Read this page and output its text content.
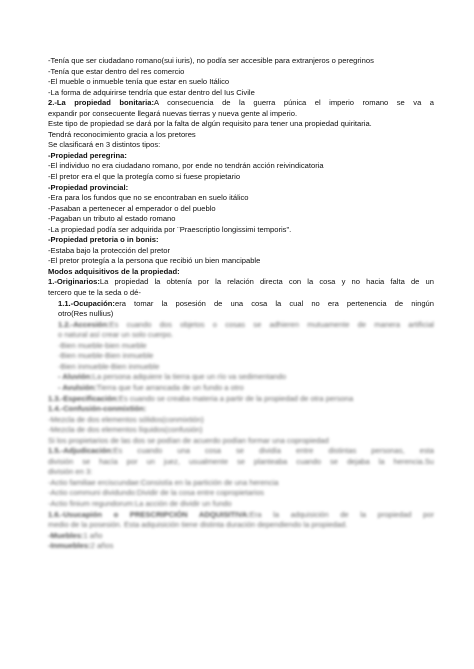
-Tenía que ser ciudadano romano(sui iuris), no podía ser accesible para extranjeros o peregrinos
-Tenía que estar dentro del res comercio
-El mueble o inmueble tenía que estar en suelo Itálico
-La forma de adquirirse tendría que estar dentro del Ius Civile
2.-La propiedad bonitaria:A consecuencia de la guerra púnica el imperio romano se va a
expandir por consecuente llegará nuevas tierras y nueva gente al imperio.
Este tipo de propiedad se dará por la falta de algún requisito para tener una propiedad quiritaria.
Tendrá reconocimiento gracia a los pretores
Se clasificará en 3 distintos tipos:
-Propiedad peregrina:
-El individuo no era ciudadano romano, por ende no tendrán acción reivindicatoria
-El pretor era el que la protegía como si fuese propietario
-Propiedad provincial:
-Era para los fundos que no se encontraban en suelo itálico
-Pasaban a pertenecer al emperador o del pueblo
-Pagaban un tributo al estado romano
-La propiedad podía ser adquirida por ¨Praescriptio longissimi temporis".
-Propiedad pretoria o in bonis:
-Estaba bajo la protección del pretor
-El pretor protegía a la persona que recibió un bien mancipable
Modos adquisitivos de la propiedad:
1.-Originarios:La propiedad la obtenía por la relación directa con la cosa y no hacia falta de un
tercero que te la seda o dé-
1.1.-Ocupación:era tomar la posesión de una cosa la cual no era pertenencia de ningún
otro(Res nullius)
1.2.-Accesión:Es cuando dos objetos o cosas se adhieren mutuamente de manera artificial
o natural así crear un solo cuerpo.
-Bien mueble-bien mueble
-Bien mueble-Bien inmueble
-Bien inmueble-Bien inmueble
- Aluvión:La persona adquiere la tierra que un río va sedimentando
- Avulsión:Tierra que fue arrancada de un fundo a otro
1.3.-Especificación:Es cuando se creaba materia a partir de la propiedad de otra persona
1.4.-Confusión-conmixtión:
-Mezcla de dos elementos sólidos(conmixtión)
-Mezcla de dos elementos líquidos(confusión)
Si los propietarios de las dos se podían de acuerdo podían formar una copropiedad
1.5.-Adjudicación:Es cuando una cosa se dividía entre distintas personas, esta
división se hacía por un juez, usualmente se planteaba cuando se dejaba la herencia.Su
división en 3:
-Actio familiae erciscundae:Consistía en la partición de una herencia
-Actio communi dividundo:Dividir de la cosa entre copropietarios
-Actio finium regundorum:La acción de dividir un fundo
1.6.-Usucapión o PRESCRIPCIÓN ADQUISITIVA:Era la adquisición de la propiedad por
medio de la posesión. Esta adquisición tiene distinta duración dependiendo la propiedad.
-Muebles:1 año
-Inmuebles:2 años
